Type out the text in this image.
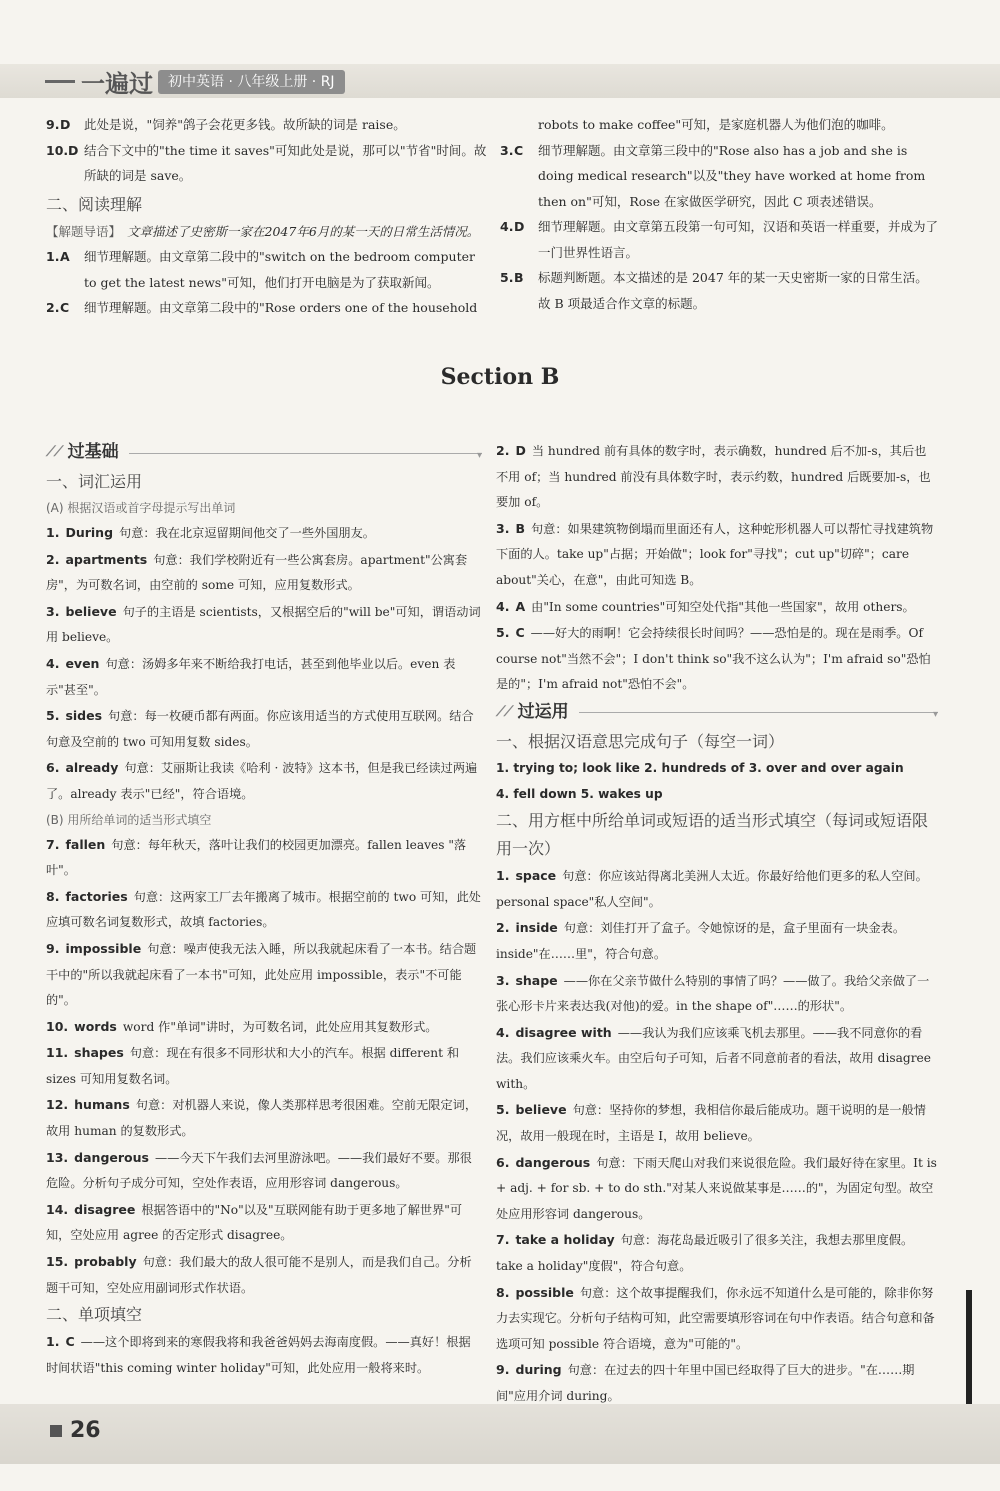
一遍过	初中英语 · 八年级上册 · RJ
9. D 此处是说，"饲养"鸽子会花更多钱。故所缺的词是 raise。
10. D 结合下文中的"the time it saves"可知此处是说，那可以"节省"时间。故所缺的词是 save。
二、阅读理解
【解题导语】 文章描述了史密斯一家在2047年6月的某一天的日常生活情况。
1. A 细节理解题。由文章第二段中的"switch on the bedroom computer to get the latest news"可知，他们打开电脑是为了获取新闻。
2. C 细节理解题。由文章第二段中的"Rose orders one of the household
robots to make coffee"可知，是家庭机器人为他们泡的咖啡。
3. C 细节理解题。由文章第三段中的"Rose also has a job and she is doing medical research"以及"they have worked at home from then on"可知，Rose 在家做医学研究，因此 C 项表述错误。
4. D 细节理解题。由文章第五段第一句可知，汉语和英语一样重要，并成为了一门世界性语言。
5. B 标题判断题。本文描述的是 2047 年的某一天史密斯一家的日常生活。故 B 项最适合作文章的标题。
Section B
⟋⟋ 过基础
▾
一、词汇运用
(A) 根据汉语或首字母提示写出单词
1. During 句意：我在北京逗留期间他交了一些外国朋友。
2. apartments 句意：我们学校附近有一些公寓套房。apartment"公寓套房"，为可数名词，由空前的 some 可知，应用复数形式。
3. believe 句子的主语是 scientists，又根据空后的"will be"可知，谓语动词用 believe。
4. even 句意：汤姆多年来不断给我打电话，甚至到他毕业以后。even 表示"甚至"。
5. sides 句意：每一枚硬币都有两面。你应该用适当的方式使用互联网。结合句意及空前的 two 可知用复数 sides。
6. already 句意：艾丽斯让我读《哈利 · 波特》这本书，但是我已经读过两遍了。already 表示"已经"，符合语境。
(B) 用所给单词的适当形式填空
7. fallen 句意：每年秋天，落叶让我们的校园更加漂亮。fallen leaves "落叶"。
8. factories 句意：这两家工厂去年搬离了城市。根据空前的 two 可知，此处应填可数名词复数形式，故填 factories。
9. impossible 句意：噪声使我无法入睡，所以我就起床看了一本书。结合题干中的"所以我就起床看了一本书"可知，此处应用 impossible，表示"不可能的"。
10. words word 作"单词"讲时，为可数名词，此处应用其复数形式。
11. shapes 句意：现在有很多不同形状和大小的汽车。根据 different 和 sizes 可知用复数名词。
12. humans 句意：对机器人来说，像人类那样思考很困难。空前无限定词，故用 human 的复数形式。
13. dangerous ——今天下午我们去河里游泳吧。——我们最好不要。那很危险。分析句子成分可知，空处作表语，应用形容词 dangerous。
14. disagree 根据答语中的"No"以及"互联网能有助于更多地了解世界"可知，空处应用 agree 的否定形式 disagree。
15. probably 句意：我们最大的敌人很可能不是别人，而是我们自己。分析题干可知，空处应用副词形式作状语。
二、单项填空
1. C ——这个即将到来的寒假我将和我爸爸妈妈去海南度假。——真好！根据时间状语"this coming winter holiday"可知，此处应用一般将来时。
2. D 当 hundred 前有具体的数字时，表示确数，hundred 后不加-s，其后也不用 of；当 hundred 前没有具体数字时，表示约数，hundred 后既要加-s，也要加 of。
3. B 句意：如果建筑物倒塌而里面还有人，这种蛇形机器人可以帮忙寻找建筑物下面的人。take up"占据；开始做"；look for"寻找"；cut up"切碎"；care about"关心，在意"，由此可知选 B。
4. A 由"In some countries"可知空处代指"其他一些国家"，故用 others。
5. C ——好大的雨啊！它会持续很长时间吗？——恐怕是的。现在是雨季。Of course not"当然不会"；I don't think so"我不这么认为"；I'm afraid so"恐怕是的"；I'm afraid not"恐怕不会"。
⟋⟋ 过运用
▾
一、根据汉语意思完成句子（每空一词）
1. trying to; look like 2. hundreds of 3. over and over again
4. fell down 5. wakes up
二、用方框中所给单词或短语的适当形式填空（每词或短语限用一次）
1. space 句意：你应该站得离北美洲人太近。你最好给他们更多的私人空间。personal space"私人空间"。
2. inside 句意：刘佳打开了盒子。令她惊讶的是，盒子里面有一块金表。inside"在……里"，符合句意。
3. shape ——你在父亲节做什么特别的事情了吗？——做了。我给父亲做了一张心形卡片来表达我(对他)的爱。in the shape of"……的形状"。
4. disagree with ——我认为我们应该乘飞机去那里。——我不同意你的看法。我们应该乘火车。由空后句子可知，后者不同意前者的看法，故用 disagree with。
5. believe 句意：坚持你的梦想，我相信你最后能成功。题干说明的是一般情况，故用一般现在时，主语是 I，故用 believe。
6. dangerous 句意：下雨天爬山对我们来说很危险。我们最好待在家里。It is + adj. + for sb. + to do sth."对某人来说做某事是……的"，为固定句型。故空处应用形容词 dangerous。
7. take a holiday 句意：海花岛最近吸引了很多关注，我想去那里度假。take a holiday"度假"，符合句意。
8. possible 句意：这个故事提醒我们，你永远不知道什么是可能的，除非你努力去实现它。分析句子结构可知，此空需要填形容词在句中作表语。结合句意和备选项可知 possible 符合语境，意为"可能的"。
9. during 句意：在过去的四十年里中国已经取得了巨大的进步。"在……期间"应用介词 during。
26
